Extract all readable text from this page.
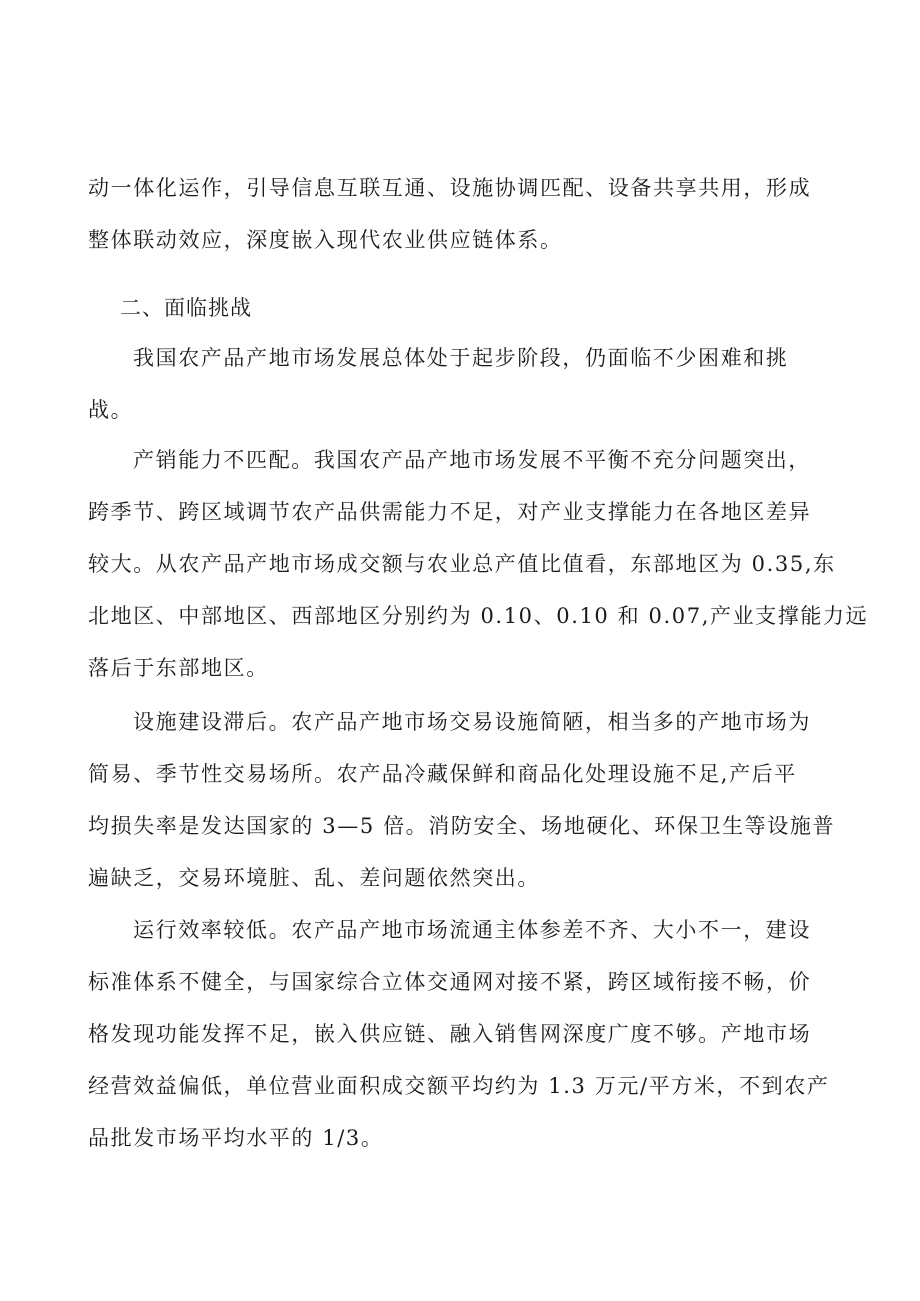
动一体化运作，引导信息互联互通、设施协调匹配、设备共享共用，形成
整体联动效应，深度嵌入现代农业供应链体系。
二、面临挑战
我国农产品产地市场发展总体处于起步阶段，仍面临不少困难和挑
战。
产销能力不匹配。我国农产品产地市场发展不平衡不充分问题突出，
跨季节、跨区域调节农产品供需能力不足，对产业支撑能力在各地区差异
较大。从农产品产地市场成交额与农业总产值比值看，东部地区为 0.35,东
北地区、中部地区、西部地区分别约为 0.10、0.10 和 0.07,产业支撑能力远
落后于东部地区。
设施建设滞后。农产品产地市场交易设施简陋，相当多的产地市场为
简易、季节性交易场所。农产品冷藏保鲜和商品化处理设施不足,产后平
均损失率是发达国家的 3—5 倍。消防安全、场地硬化、环保卫生等设施普
遍缺乏，交易环境脏、乱、差问题依然突出。
运行效率较低。农产品产地市场流通主体参差不齐、大小不一，建设
标准体系不健全，与国家综合立体交通网对接不紧，跨区域衔接不畅，价
格发现功能发挥不足，嵌入供应链、融入销售网深度广度不够。产地市场
经营效益偏低，单位营业面积成交额平均约为 1.3 万元/平方米，不到农产
品批发市场平均水平的 1/3。
